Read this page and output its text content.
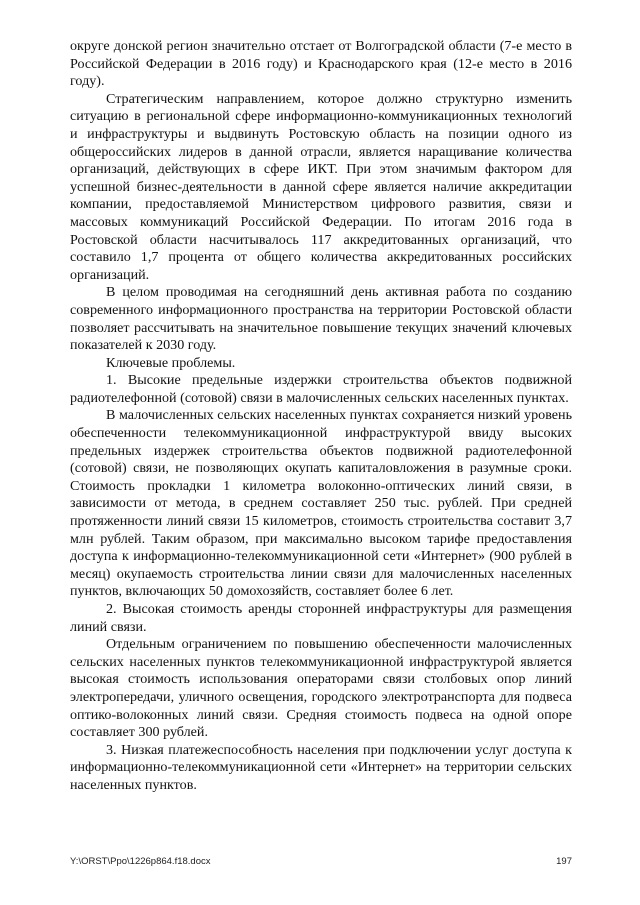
округе донской регион значительно отстает от Волгоградской области (7-е место в Российской Федерации в 2016 году) и Краснодарского края (12-е место в 2016 году).

Стратегическим направлением, которое должно структурно изменить ситуацию в региональной сфере информационно-коммуникационных технологий и инфраструктуры и выдвинуть Ростовскую область на позиции одного из общероссийских лидеров в данной отрасли, является наращивание количества организаций, действующих в сфере ИКТ. При этом значимым фактором для успешной бизнес-деятельности в данной сфере является наличие аккредитации компании, предоставляемой Министерством цифрового развития, связи и массовых коммуникаций Российской Федерации. По итогам 2016 года в Ростовской области насчитывалось 117 аккредитованных организаций, что составило 1,7 процента от общего количества аккредитованных российских организаций.

В целом проводимая на сегодняшний день активная работа по созданию современного информационного пространства на территории Ростовской области позволяет рассчитывать на значительное повышение текущих значений ключевых показателей к 2030 году.

Ключевые проблемы.

1. Высокие предельные издержки строительства объектов подвижной радиотелефонной (сотовой) связи в малочисленных сельских населенных пунктах.

В малочисленных сельских населенных пунктах сохраняется низкий уровень обеспеченности телекоммуникационной инфраструктурой ввиду высоких предельных издержек строительства объектов подвижной радиотелефонной (сотовой) связи, не позволяющих окупать капиталовложения в разумные сроки. Стоимость прокладки 1 километра волоконно-оптических линий связи, в зависимости от метода, в среднем составляет 250 тыс. рублей. При средней протяженности линий связи 15 километров, стоимость строительства составит 3,7 млн рублей. Таким образом, при максимально высоком тарифе предоставления доступа к информационно-телекоммуникационной сети «Интернет» (900 рублей в месяц) окупаемость строительства линии связи для малочисленных населенных пунктов, включающих 50 домохозяйств, составляет более 6 лет.

2. Высокая стоимость аренды сторонней инфраструктуры для размещения линий связи.

Отдельным ограничением по повышению обеспеченности малочисленных сельских населенных пунктов телекоммуникационной инфраструктурой является высокая стоимость использования операторами связи столбовых опор линий электропередачи, уличного освещения, городского электротранспорта для подвеса оптико-волоконных линий связи. Средняя стоимость подвеса на одной опоре составляет 300 рублей.

3. Низкая платежеспособность населения при подключении услуг доступа к информационно-телекоммуникационной сети «Интернет» на территории сельских населенных пунктов.

Y:\ORST\Ppo\1226p864.f18.docx	197
